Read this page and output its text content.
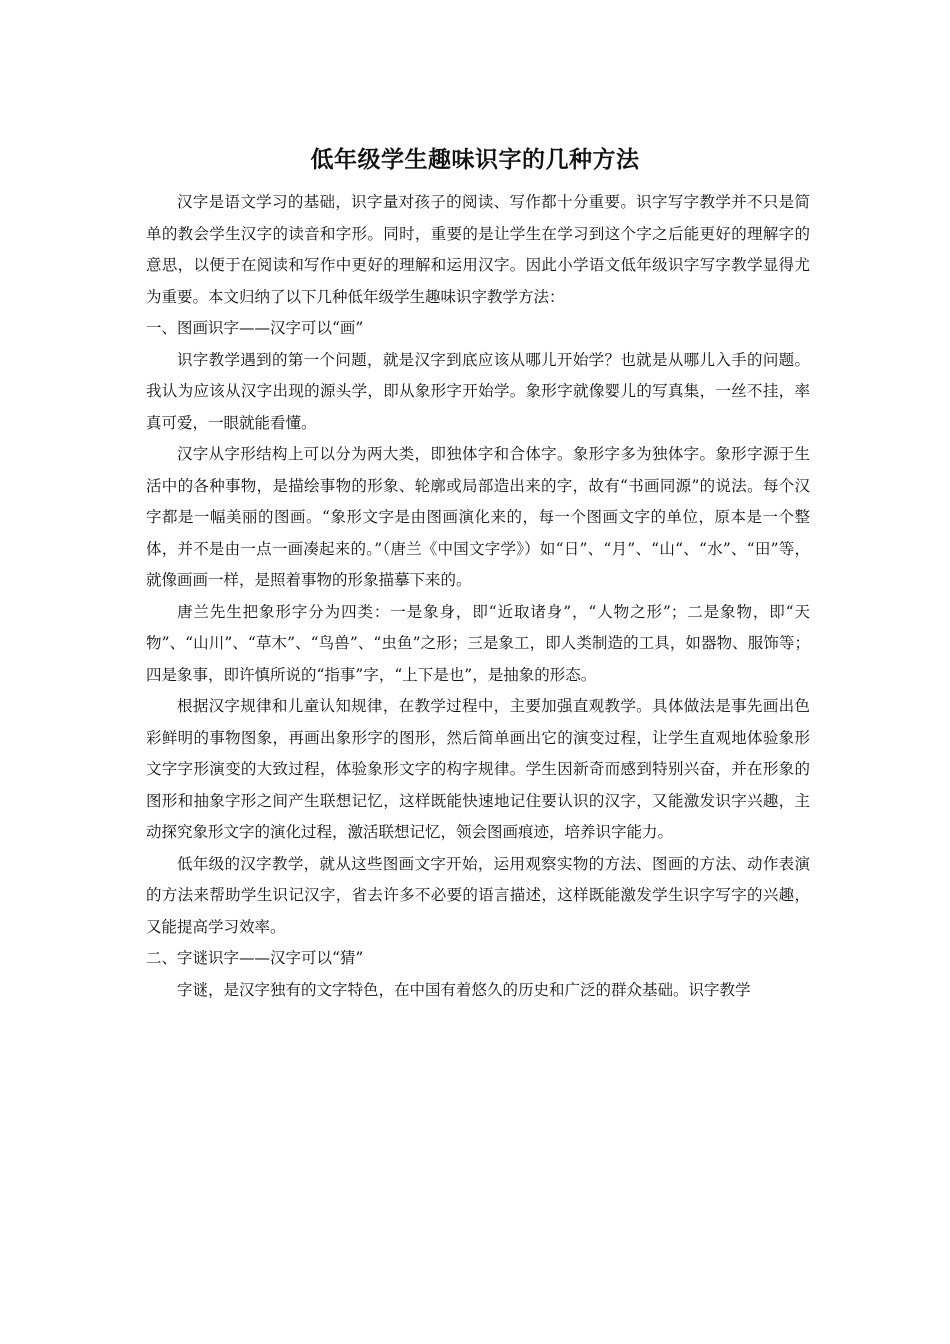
低年级学生趣味识字的几种方法

汉字是语文学习的基础，识字量对孩子的阅读、写作都十分重要。识字写字教学并不只是简单的教会学生汉字的读音和字形。同时，重要的是让学生在学习到这个字之后能更好的理解字的意思，以便于在阅读和写作中更好的理解和运用汉字。因此小学语文低年级识字写字教学显得尤为重要。本文归纳了以下几种低年级学生趣味识字教学方法：

一、图画识字——汉字可以“画”

识字教学遇到的第一个问题，就是汉字到底应该从哪儿开始学？也就是从哪儿入手的问题。我认为应该从汉字出现的源头学，即从象形字开始学。象形字就像婴儿的写真集，一丝不挂，率真可爱，一眼就能看懂。

汉字从字形结构上可以分为两大类，即独体字和合体字。象形字多为独体字。象形字源于生活中的各种事物，是描绘事物的形象、轮廓或局部造出来的字，故有“书画同源”的说法。每个汉字都是一幅美丽的图画。“象形文字是由图画演化来的，每一个图画文字的单位，原本是一个整体，并不是由一点一画凑起来的。”（唐兰《中国文字学》）如“日”、“月”、“山“、“水”、“田”等，就像画画一样，是照着事物的形象描摹下来的。

唐兰先生把象形字分为四类：一是象身，即“近取诸身”，“人物之形”；二是象物，即“天物”、“山川”、“草木”、“鸟兽”、“虫鱼”之形；三是象工，即人类制造的工具，如器物、服饰等；四是象事，即许慎所说的“指事”字，“上下是也”，是抽象的形态。

根据汉字规律和儿童认知规律，在教学过程中，主要加强直观教学。具体做法是事先画出色彩鲜明的事物图象，再画出象形字的图形，然后简单画出它的演变过程，让学生直观地体验象形文字字形演变的大致过程，体验象形文字的构字规律。学生因新奇而感到特别兴奋，并在形象的图形和抽象字形之间产生联想记忆，这样既能快速地记住要认识的汉字，又能激发识字兴趣，主动探究象形文字的演化过程，激活联想记忆，领会图画痕迹，培养识字能力。

低年级的汉字教学，就从这些图画文字开始，运用观察实物的方法、图画的方法、动作表演的方法来帮助学生识记汉字，省去许多不必要的语言描述，这样既能激发学生识字写字的兴趣，又能提高学习效率。

二、字谜识字——汉字可以“猜”

字谜，是汉字独有的文字特色，在中国有着悠久的历史和广泛的群众基础。识字教学
